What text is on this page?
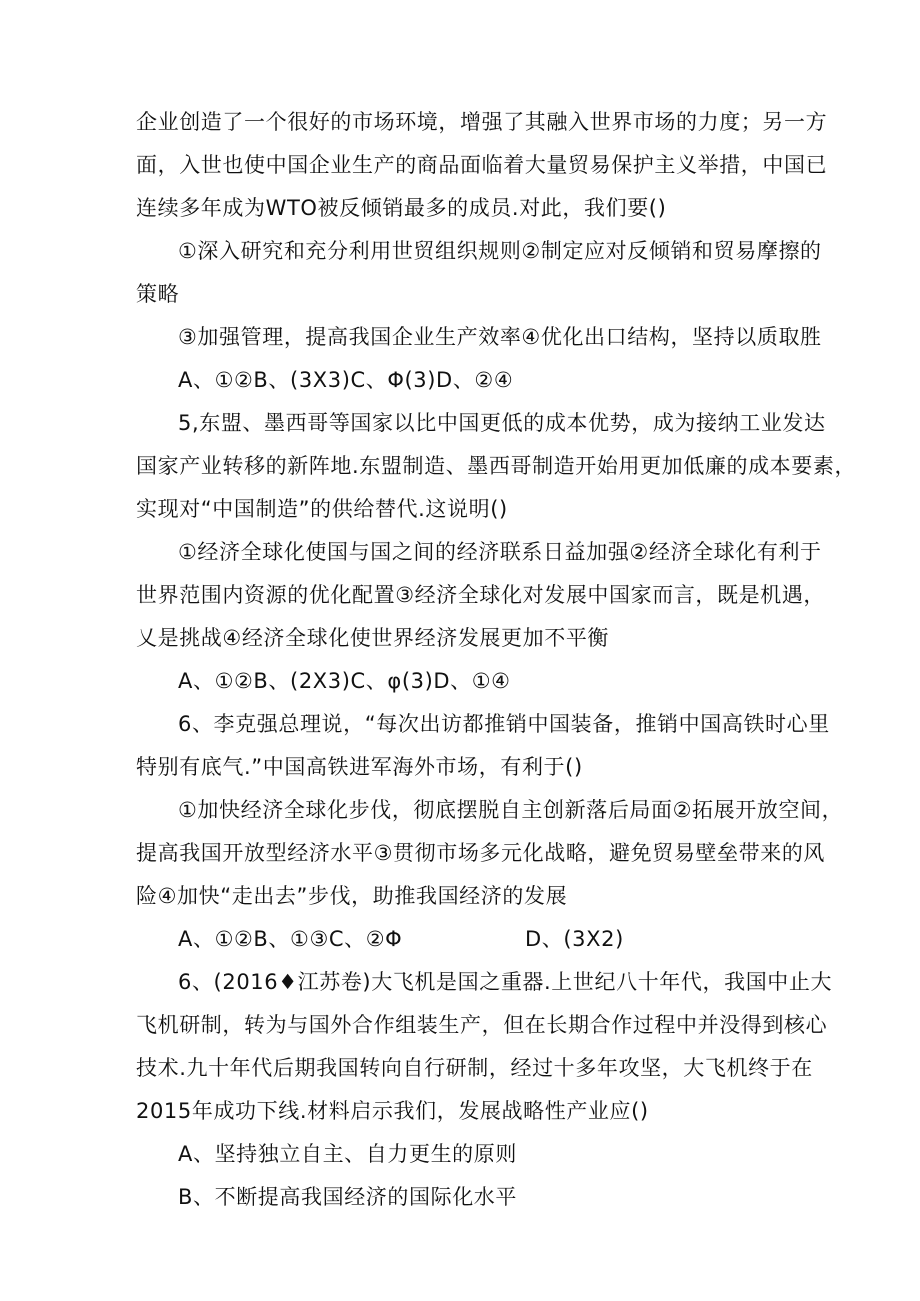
企业创造了一个很好的市场环境，增强了其融入世界市场的力度；另一方
面，入世也使中国企业生产的商品面临着大量贸易保护主义举措，中国已
连续多年成为WTO被反倾销最多的成员.对此，我们要()
①深入研究和充分利用世贸组织规则②制定应对反倾销和贸易摩擦的
策略
③加强管理，提高我国企业生产效率④优化出口结构，坚持以质取胜
A、①②B、(3X3)C、Φ(3)D、②④
5,东盟、墨西哥等国家以比中国更低的成本优势，成为接纳工业发达
国家产业转移的新阵地.东盟制造、墨西哥制造开始用更加低廉的成本要素，
实现对“中国制造”的供给替代.这说明()
①经济全球化使国与国之间的经济联系日益加强②经济全球化有利于
世界范围内资源的优化配置③经济全球化对发展中国家而言，既是机遇，
乂是挑战④经济全球化使世界经济发展更加不平衡
A、①②B、(2X3)C、φ(3)D、①④
6、李克强总理说，“每次出访都推销中国装备，推销中国高铁时心里
特别有底气.”中国高铁进军海外市场，有利于()
①加快经济全球化步伐，彻底摆脱自主创新落后局面②拓展开放空间，
提高我国开放型经济水平③贯彻市场多元化战略，避免贸易壁垒带来的风
险④加快“走出去”步伐，助推我国经济的发展
A、①②B、①③C、②Φ	D、(3X2)
6、(2016♦江苏卷)大飞机是国之重器.上世纪八十年代，我国中止大
飞机研制，转为与国外合作组装生产，但在长期合作过程中并没得到核心
技术.九十年代后期我国转向自行研制，经过十多年攻坚，大飞机终于在
2015年成功下线.材料启示我们，发展战略性产业应()
A、坚持独立自主、自力更生的原则
B、不断提高我国经济的国际化水平
